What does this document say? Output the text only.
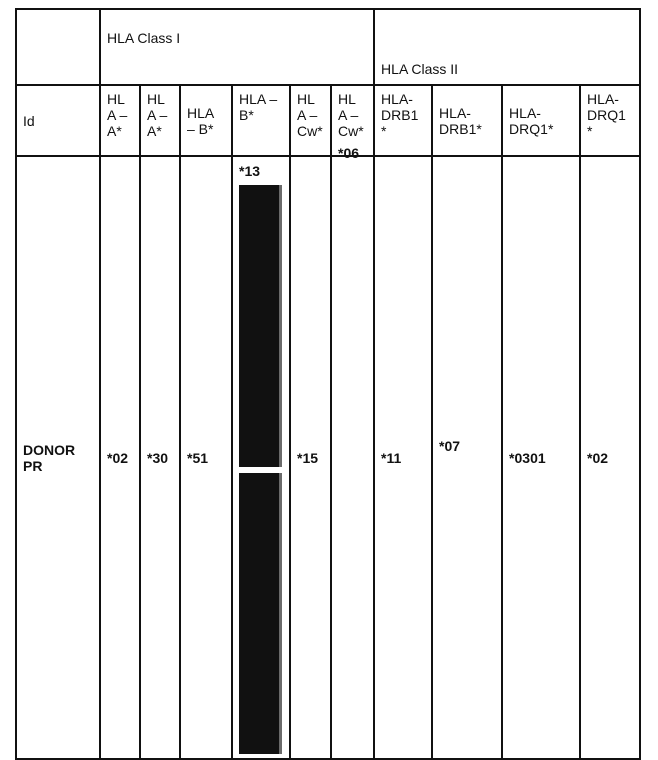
	HLA Class I						HLA Class II			
Id	HL A – A*	HL A – A*	HLA – B*	HLA – B*	HL A – Cw*	HL A – Cw*	HLA-DRB1 *	HLA-DRB1*	HLA-DRQ1*	HLA-DRQ1 *
DONOR PR	*02	*30	*51	*13	*15	*06	*11	*07	*0301	*02
